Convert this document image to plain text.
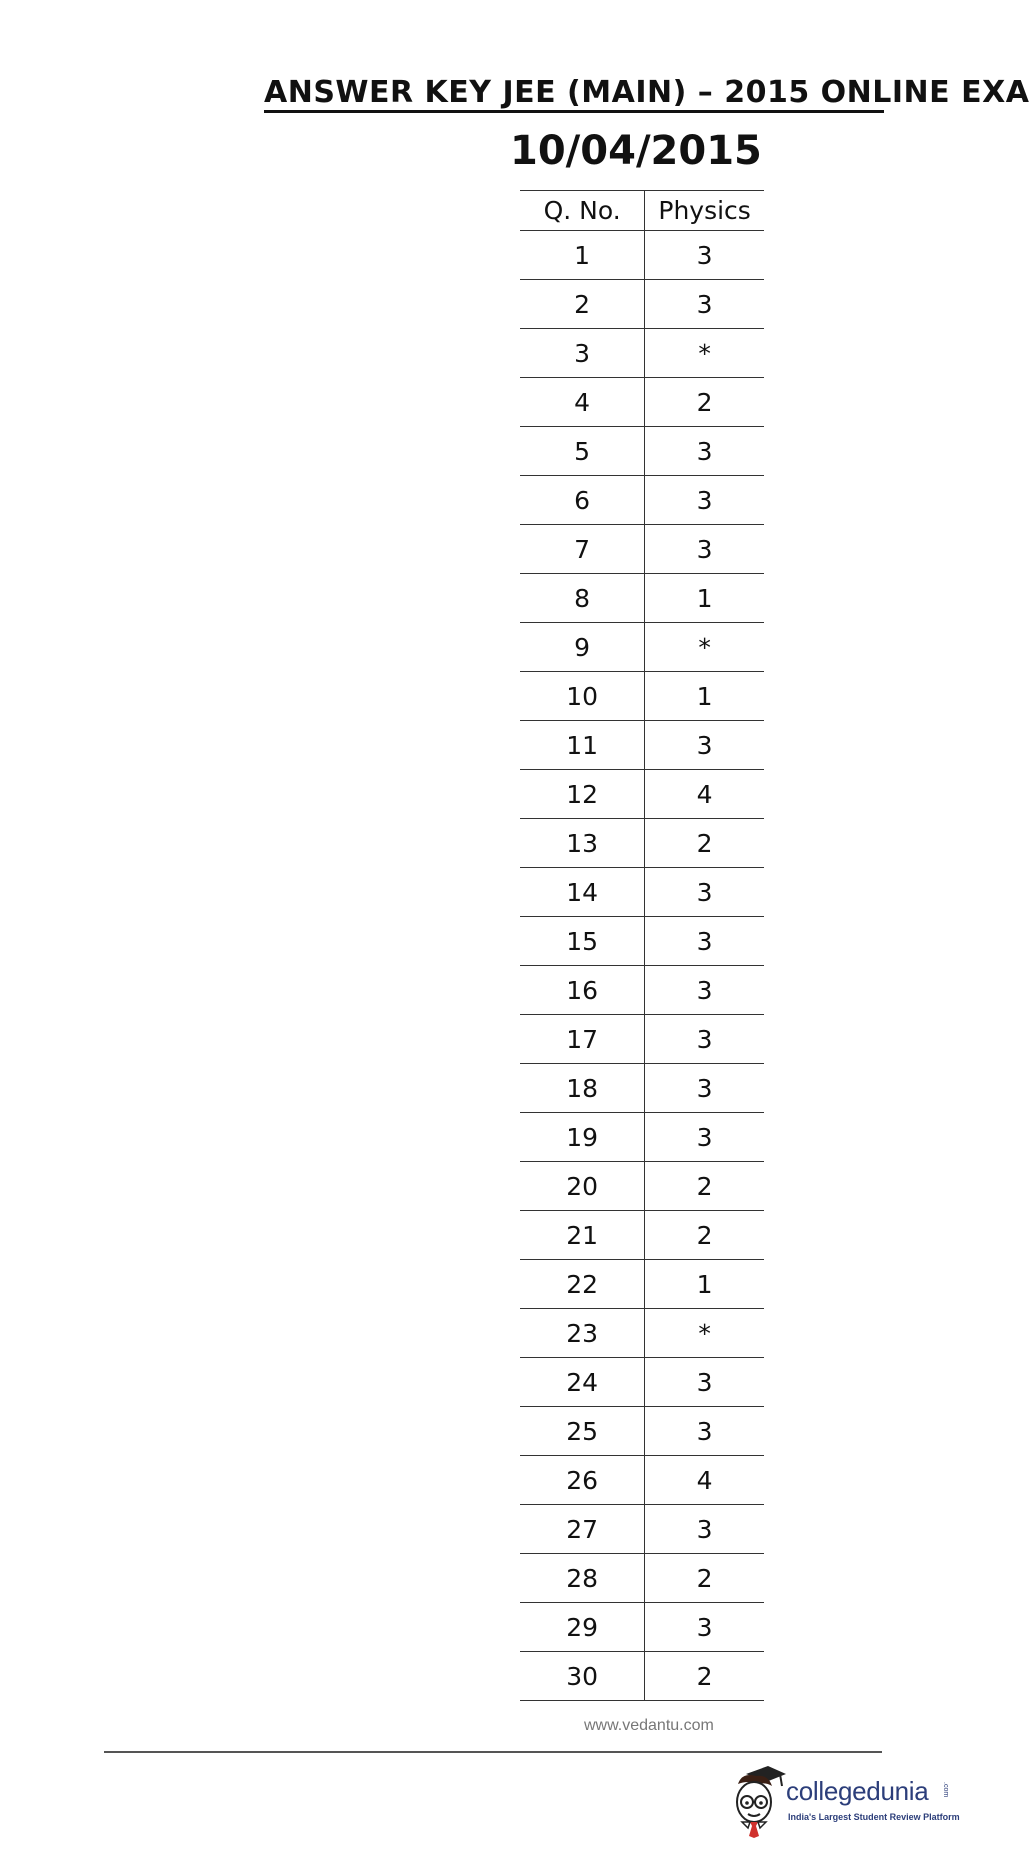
ANSWER KEY JEE (MAIN) – 2015 ONLINE EXA
10/04/2015
Q. No.	Physics
1	3
2	3
3	*
4	2
5	3
6	3
7	3
8	1
9	*
10	1
11	3
12	4
13	2
14	3
15	3
16	3
17	3
18	3
19	3
20	2
21	2
22	1
23	*
24	3
25	3
26	4
27	3
28	2
29	3
30	2
www.vedantu.com
collegedunia .com
India's Largest Student Review Platform
